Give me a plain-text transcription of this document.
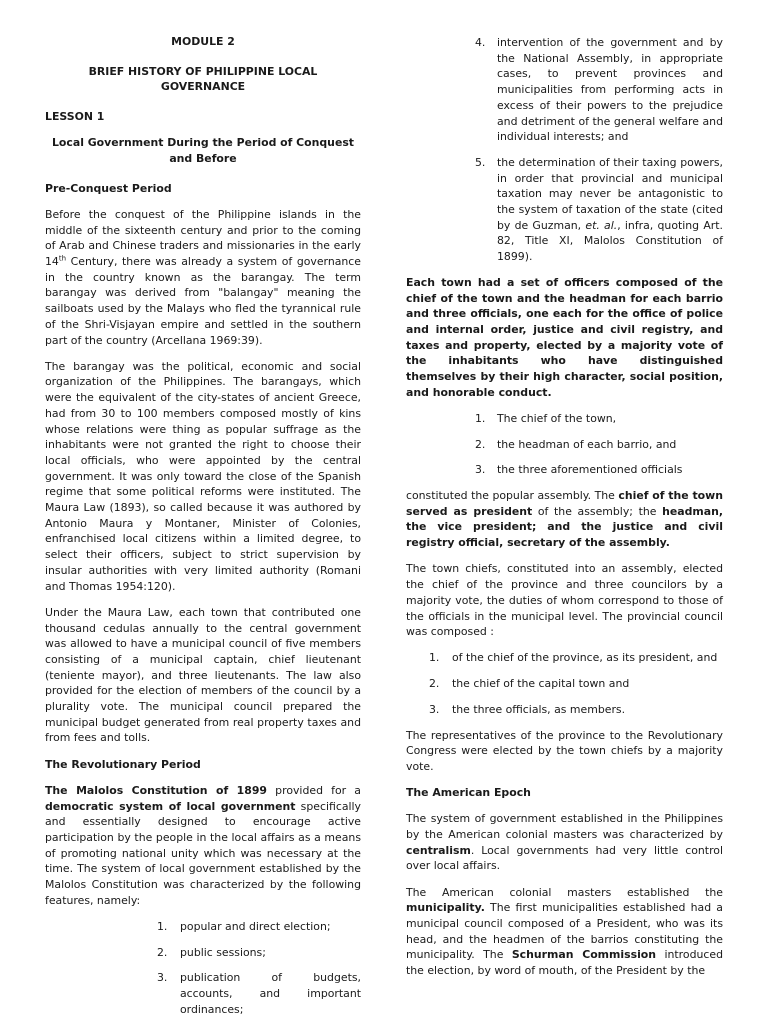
MODULE 2
BRIEF HISTORY OF PHILIPPINE LOCAL GOVERNANCE
LESSON 1
Local Government During the Period of Conquest and Before
Pre-Conquest Period

Before the conquest of the Philippine islands in the middle of the sixteenth century and prior to the coming of Arab and Chinese traders and missionaries in the early 14th Century, there was already a system of governance in the country known as the barangay. The term barangay was derived from "balangay" meaning the sailboats used by the Malays who fled the tyrannical rule of the Shri-Visjayan empire and settled in the southern part of the country (Arcellana 1969:39).

The barangay was the political, economic and social organization of the Philippines. The barangays, which were the equivalent of the city-states of ancient Greece, had from 30 to 100 members composed mostly of kins whose relations were thing as popular suffrage as the inhabitants were not granted the right to choose their local officials, who were appointed by the central government. It was only toward the close of the Spanish regime that some political reforms were instituted. The Maura Law (1893), so called because it was authored by Antonio Maura y Montaner, Minister of Colonies, enfranchised local citizens within a limited degree, to select their officers, subject to strict supervision by insular authorities with very limited authority (Romani and Thomas 1954:120).

Under the Maura Law, each town that contributed one thousand cedulas annually to the central government was allowed to have a municipal council of five members consisting of a municipal captain, chief lieutenant (teniente mayor), and three lieutenants. The law also provided for the election of members of the council by a plurality vote. The municipal council prepared the municipal budget generated from real property taxes and from fees and tolls.

The Revolutionary Period

The Malolos Constitution of 1899 provided for a democratic system of local government specifically and essentially designed to encourage active participation by the people in the local affairs as a means of promoting national unity which was necessary at the time. The system of local government established by the Malolos Constitution was characterized by the following features, namely:

1. popular and direct election;
2. public sessions;
3. publication of budgets, accounts, and important ordinances;
4. intervention of the government and by the National Assembly, in appropriate cases, to prevent provinces and municipalities from performing acts in excess of their powers to the prejudice and detriment of the general welfare and individual interests; and
5. the determination of their taxing powers, in order that provincial and municipal taxation may never be antagonistic to the system of taxation of the state (cited by de Guzman, et. al., infra, quoting Art. 82, Title XI, Malolos Constitution of 1899).

Each town had a set of officers composed of the chief of the town and the headman for each barrio and three officials, one each for the office of police and internal order, justice and civil registry, and taxes and property, elected by a majority vote of the inhabitants who have distinguished themselves by their high character, social position, and honorable conduct.

1. The chief of the town,
2. the headman of each barrio, and
3. the three aforementioned officials

constituted the popular assembly. The chief of the town served as president of the assembly; the headman, the vice president; and the justice and civil registry official, secretary of the assembly.

The town chiefs, constituted into an assembly, elected the chief of the province and three councilors by a majority vote, the duties of whom correspond to those of the officials in the municipal level. The provincial council was composed :

1. of the chief of the province, as its president, and
2. the chief of the capital town and
3. the three officials, as members.

The representatives of the province to the Revolutionary Congress were elected by the town chiefs by a majority vote.

The American Epoch

The system of government established in the Philippines by the American colonial masters was characterized by centralism. Local governments had very little control over local affairs.

The American colonial masters established the municipality. The first municipalities established had a municipal council composed of a President, who was its head, and the headmen of the barrios constituting the municipality. The Schurman Commission introduced the election, by word of mouth, of the President by the
